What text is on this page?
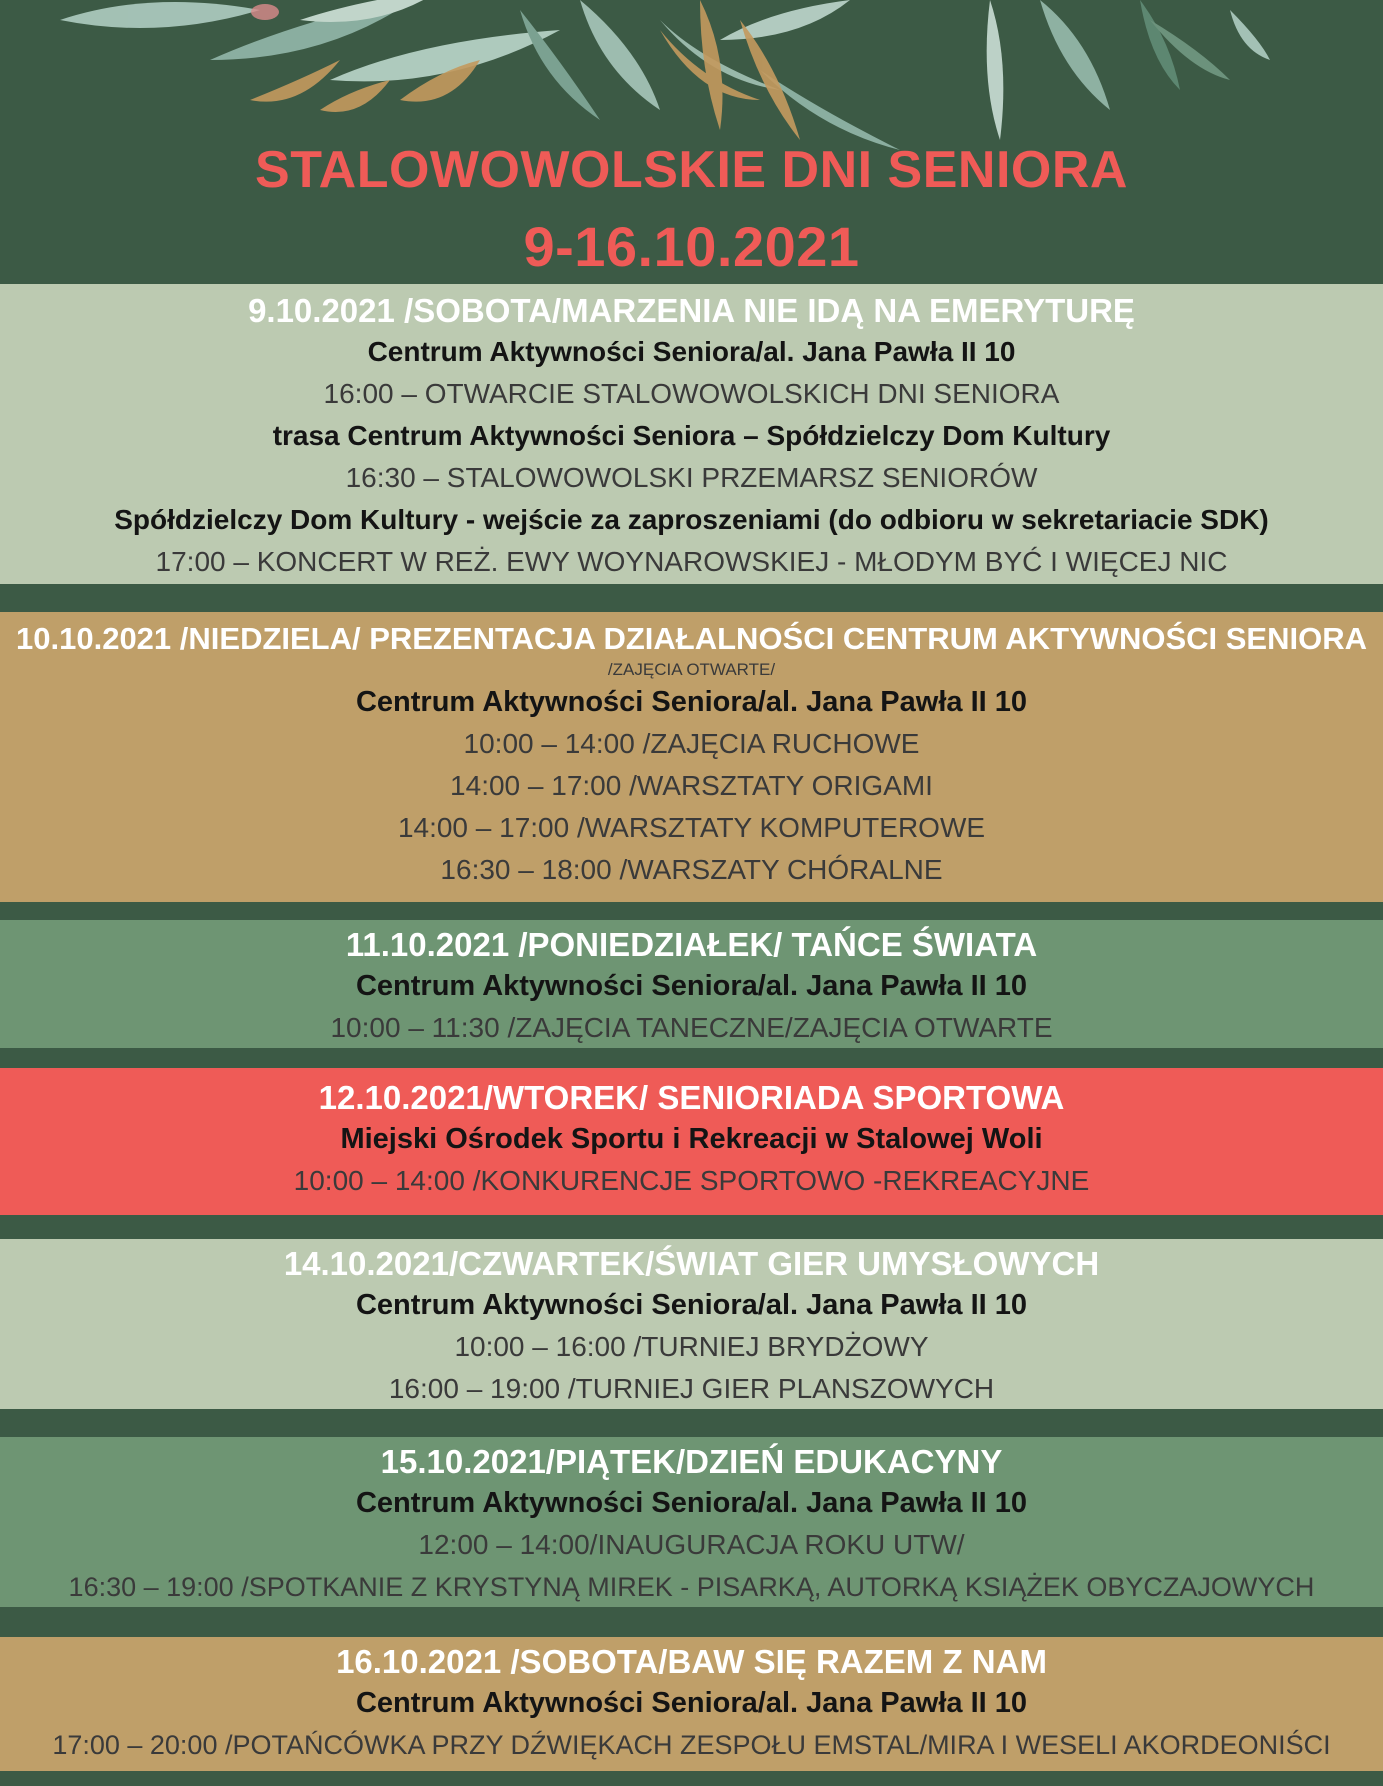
STALOWOWOLSKIE DNI SENIORA
9-16.10.2021
9.10.2021 /SOBOTA/MARZENIA NIE IDĄ NA EMERYTURĘ
Centrum Aktywności Seniora/al. Jana Pawła II 10
16:00 – OTWARCIE STALOWOWOLSKICH DNI SENIORA
trasa Centrum Aktywności Seniora – Spółdzielczy Dom Kultury
16:30 – STALOWOWOLSKI PRZEMARSZ SENIORÓW
Spółdzielczy Dom Kultury - wejście za zaproszeniami (do odbioru w sekretariacie SDK)
17:00 – KONCERT W REŻ. EWY WOYNAROWSKIEJ - MŁODYM BYĆ I WIĘCEJ NIC
10.10.2021 /NIEDZIELA/ PREZENTACJA DZIAŁALNOŚCI CENTRUM AKTYWNOŚCI SENIORA
/ZAJĘCIA OTWARTE/
Centrum Aktywności Seniora/al. Jana Pawła II 10
10:00 – 14:00 /ZAJĘCIA RUCHOWE
14:00 – 17:00 /WARSZTATY ORIGAMI
14:00 – 17:00 /WARSZTATY KOMPUTEROWE
16:30 – 18:00 /WARSZATY CHÓRALNE
11.10.2021 /PONIEDZIAŁEK/ TAŃCE ŚWIATA
Centrum Aktywności Seniora/al. Jana Pawła II 10
10:00 – 11:30 /ZAJĘCIA TANECZNE/ZAJĘCIA OTWARTE
12.10.2021/WTOREK/ SENIORIADA SPORTOWA
Miejski Ośrodek Sportu i Rekreacji w Stalowej Woli
10:00 – 14:00 /KONKURENCJE SPORTOWO -REKREACYJNE
14.10.2021/CZWARTEK/ŚWIAT GIER UMYSŁOWYCH
Centrum Aktywności Seniora/al. Jana Pawła II 10
10:00 – 16:00 /TURNIEJ BRYDŻOWY
16:00 – 19:00 /TURNIEJ GIER PLANSZOWYCH
15.10.2021/PIĄTEK/DZIEŃ EDUKACYNY
Centrum Aktywności Seniora/al. Jana Pawła II 10
12:00 – 14:00/INAUGURACJA ROKU UTW/
16:30 – 19:00 /SPOTKANIE Z KRYSTYNĄ MIREK - PISARKĄ, AUTORKĄ KSIĄŻEK OBYCZAJOWYCH
16.10.2021 /SOBOTA/BAW SIĘ RAZEM Z NAM
Centrum Aktywności Seniora/al. Jana Pawła II 10
17:00 – 20:00 /POTAŃCÓWKA PRZY DŹWIĘKACH ZESPOŁU EMSTAL/MIRA I WESELI AKORDEONIŚCI
